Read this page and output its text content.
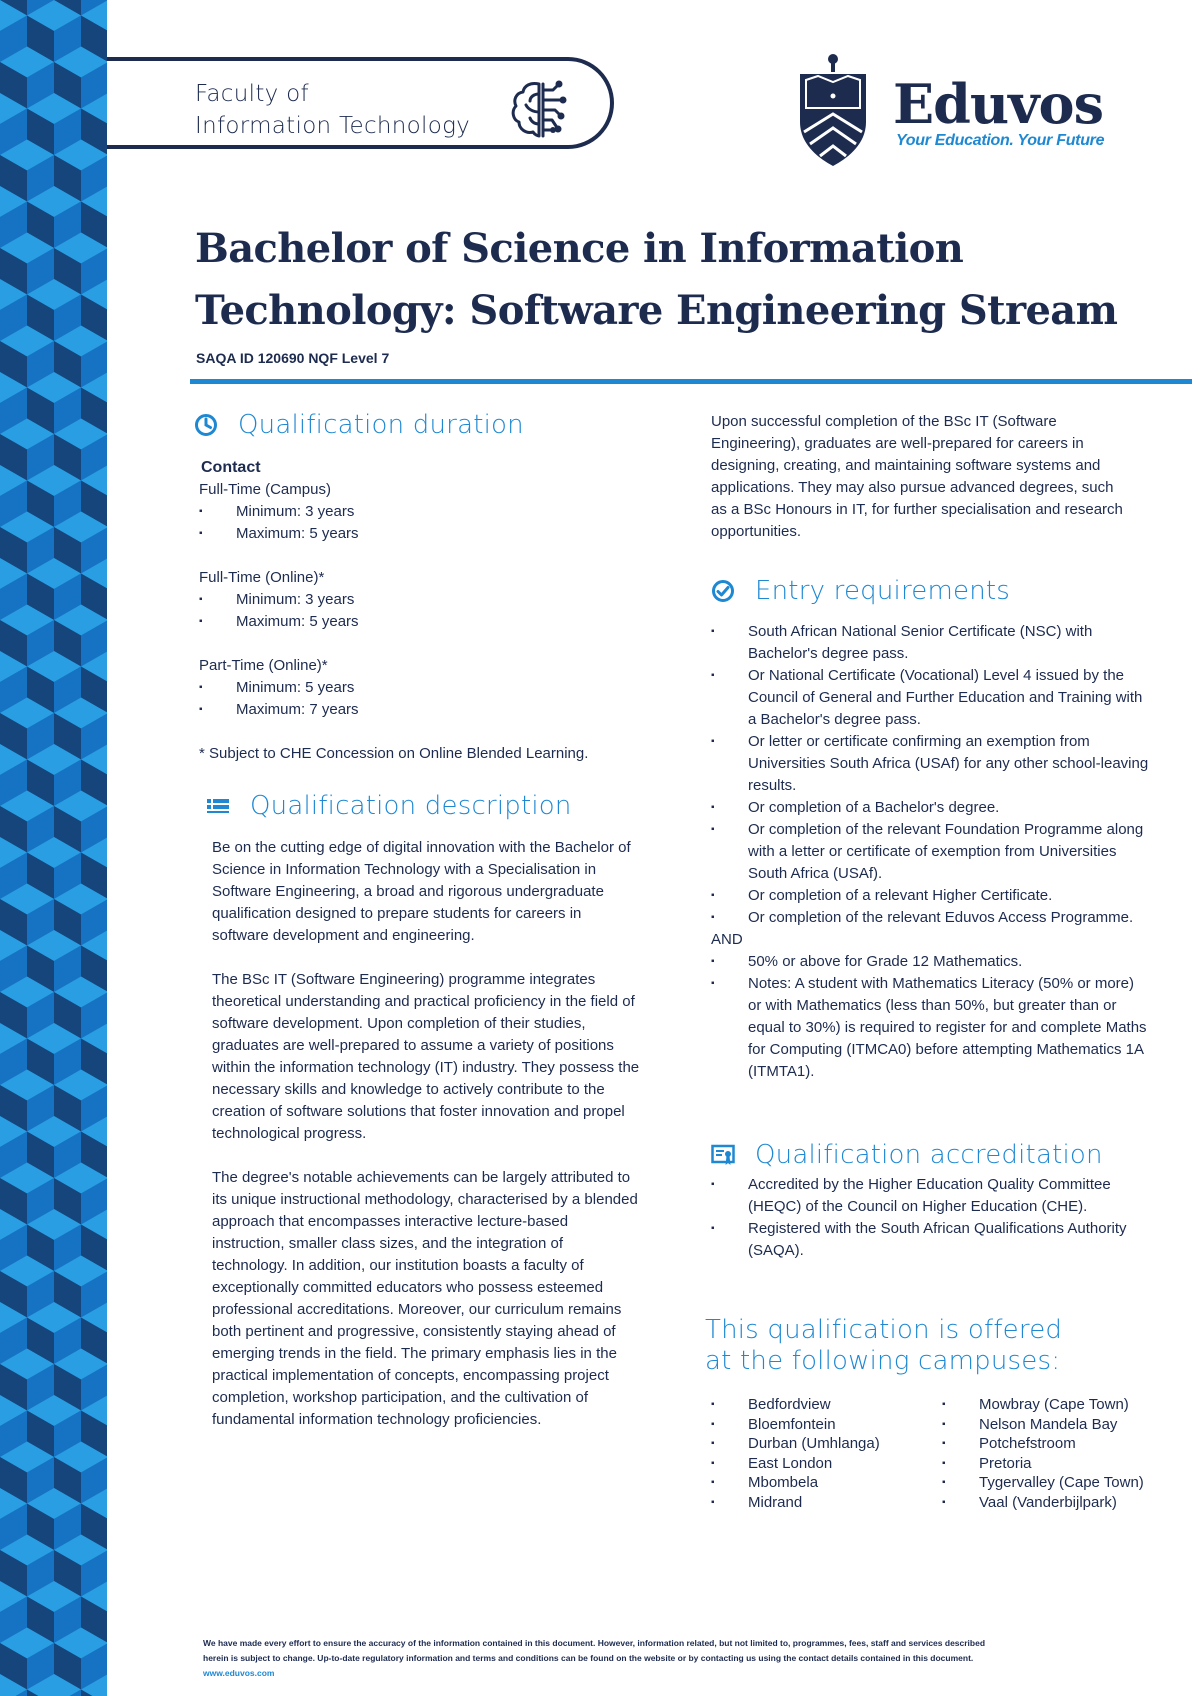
Faculty of
Information Technology	Eduvos
Your Education. Your Future
Bachelor of Science in Information
Technology: Software Engineering Stream
SAQA ID 120690 NQF Level 7
Qualification duration
Contact
Full-Time (Campus)
▪ Minimum: 3 years
▪ Maximum: 5 years
Full-Time (Online)*
▪ Minimum: 3 years
▪ Maximum: 5 years
Part-Time (Online)*
▪ Minimum: 5 years
▪ Maximum: 7 years
* Subject to CHE Concession on Online Blended Learning.
Qualification description

Be on the cutting edge of digital innovation with the Bachelor of Science in Information Technology with a Specialisation in Software Engineering, a broad and rigorous undergraduate qualification designed to prepare students for careers in software development and engineering.

The BSc IT (Software Engineering) programme integrates theoretical understanding and practical proficiency in the field of software development. Upon completion of their studies, graduates are well-prepared to assume a variety of positions within the information technology (IT) industry. They possess the necessary skills and knowledge to actively contribute to the creation of software solutions that foster innovation and propel technological progress.

The degree's notable achievements can be largely attributed to its unique instructional methodology, characterised by a blended approach that encompasses interactive lecture-based instruction, smaller class sizes, and the integration of technology. In addition, our institution boasts a faculty of exceptionally committed educators who possess esteemed professional accreditations. Moreover, our curriculum remains both pertinent and progressive, consistently staying ahead of emerging trends in the field. The primary emphasis lies in the practical implementation of concepts, encompassing project completion, workshop participation, and the cultivation of fundamental information technology proficiencies.

Upon successful completion of the BSc IT (Software Engineering), graduates are well-prepared for careers in designing, creating, and maintaining software systems and applications. They may also pursue advanced degrees, such as a BSc Honours in IT, for further specialisation and research opportunities.
Entry requirements
▪ South African National Senior Certificate (NSC) with Bachelor's degree pass.
▪ Or National Certificate (Vocational) Level 4 issued by the Council of General and Further Education and Training with a Bachelor's degree pass.
▪ Or letter or certificate confirming an exemption from Universities South Africa (USAf) for any other school-leaving results.
▪ Or completion of a Bachelor's degree.
▪ Or completion of the relevant Foundation Programme along with a letter or certificate of exemption from Universities South Africa (USAf).
▪ Or completion of a relevant Higher Certificate.
▪ Or completion of the relevant Eduvos Access Programme.
AND
▪ 50% or above for Grade 12 Mathematics.
▪ Notes: A student with Mathematics Literacy (50% or more) or with Mathematics (less than 50%, but greater than or equal to 30%) is required to register for and complete Maths for Computing (ITMCA0) before attempting Mathematics 1A (ITMTA1).
Qualification accreditation
▪ Accredited by the Higher Education Quality Committee (HEQC) of the Council on Higher Education (CHE).
▪ Registered with the South African Qualifications Authority (SAQA).
This qualification is offered
at the following campuses:
▪ Bedfordview
▪ Bloemfontein
▪ Durban (Umhlanga)
▪ East London
▪ Mbombela
▪ Midrand
▪ Mowbray (Cape Town)
▪ Nelson Mandela Bay
▪ Potchefstroom
▪ Pretoria
▪ Tygervalley (Cape Town)
▪ Vaal (Vanderbijlpark)
We have made every effort to ensure the accuracy of the information contained in this document. However, information related, but not limited to, programmes, fees, staff and services described
herein is subject to change. Up-to-date regulatory information and terms and conditions can be found on the website or by contacting us using the contact details contained in this document.
www.eduvos.com
